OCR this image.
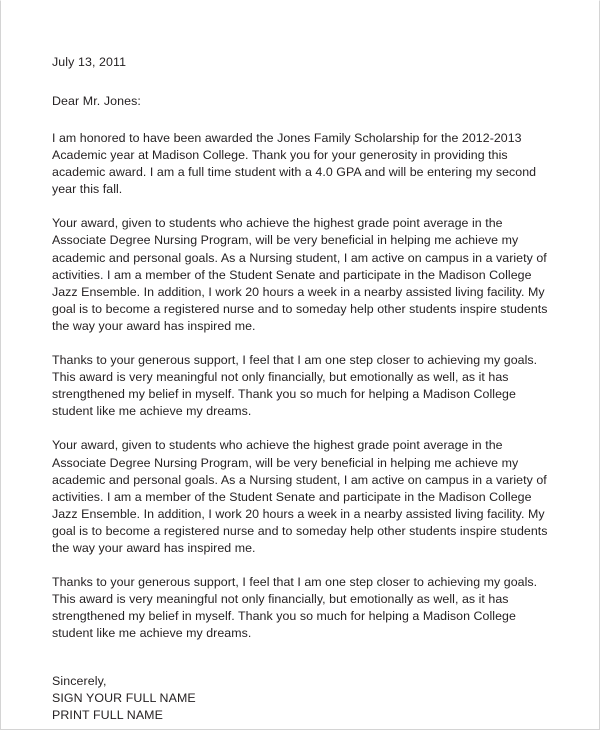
July 13, 2011
Dear Mr. Jones:

I am honored to have been awarded the Jones Family Scholarship for the 2012-2013 Academic year at Madison College. Thank you for your generosity in providing this academic award. I am a full time student with a 4.0 GPA and will be entering my second year this fall.

Your award, given to students who achieve the highest grade point average in the Associate Degree Nursing Program, will be very beneficial in helping me achieve my academic and personal goals. As a Nursing student, I am active on campus in a variety of activities. I am a member of the Student Senate and participate in the Madison College Jazz Ensemble. In addition, I work 20 hours a week in a nearby assisted living facility. My goal is to become a registered nurse and to someday help other students inspire students the way your award has inspired me.

Thanks to your generous support, I feel that I am one step closer to achieving my goals. This award is very meaningful not only financially, but emotionally as well, as it has strengthened my belief in myself. Thank you so much for helping a Madison College student like me achieve my dreams.

Your award, given to students who achieve the highest grade point average in the Associate Degree Nursing Program, will be very beneficial in helping me achieve my academic and personal goals. As a Nursing student, I am active on campus in a variety of activities. I am a member of the Student Senate and participate in the Madison College Jazz Ensemble. In addition, I work 20 hours a week in a nearby assisted living facility. My goal is to become a registered nurse and to someday help other students inspire students the way your award has inspired me.

Thanks to your generous support, I feel that I am one step closer to achieving my goals. This award is very meaningful not only financially, but emotionally as well, as it has strengthened my belief in myself. Thank you so much for helping a Madison College student like me achieve my dreams.

Sincerely,
SIGN YOUR FULL NAME
PRINT FULL NAME
